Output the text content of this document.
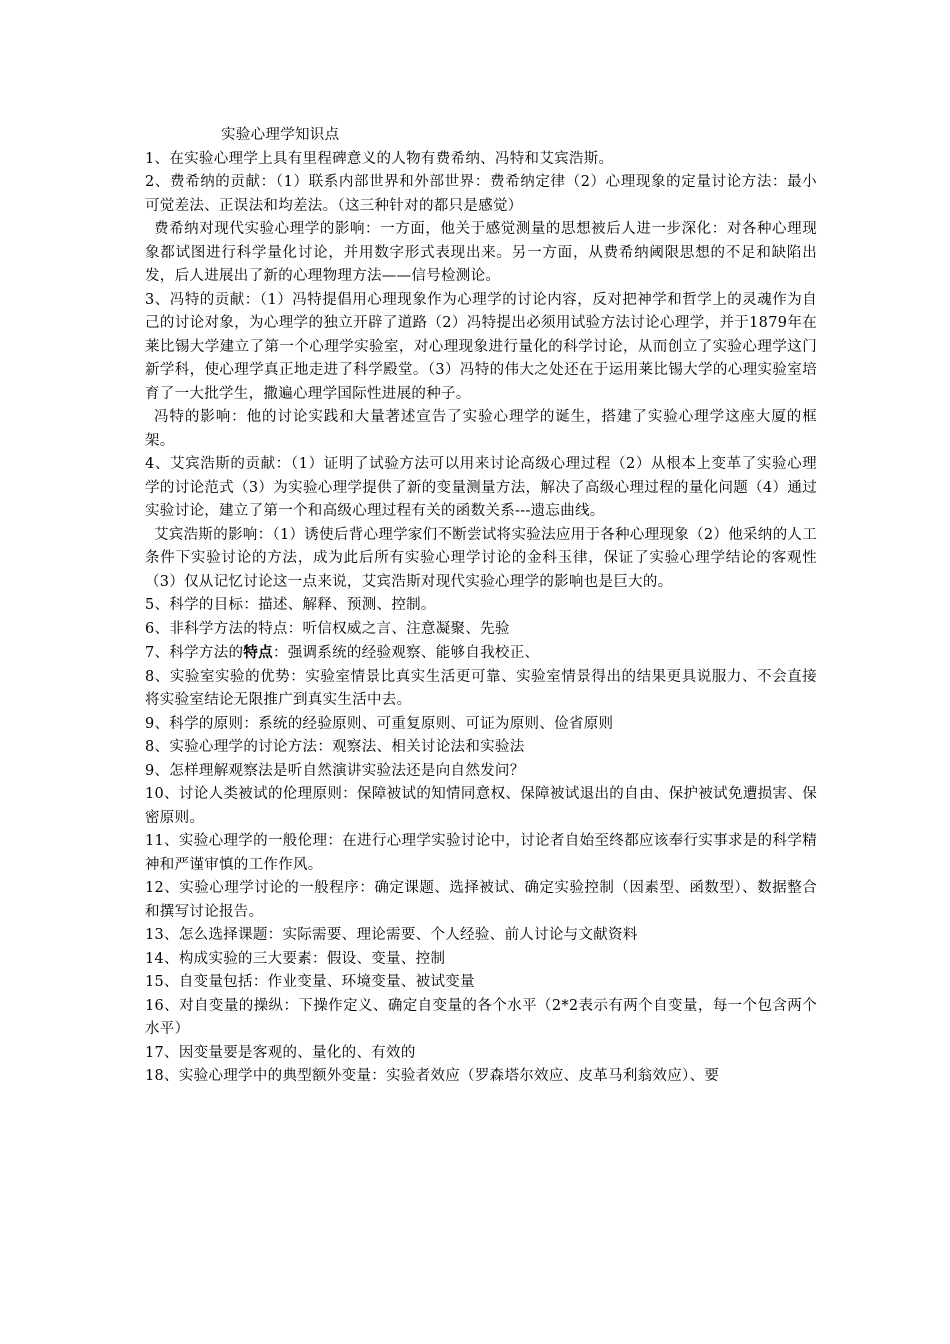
实验心理学知识点

1、在实验心理学上具有里程碑意义的人物有费希纳、冯特和艾宾浩斯。

2、费希纳的贡献：（1）联系内部世界和外部世界：费希纳定律（2）心理现象的定量讨论方法：最小可觉差法、正误法和均差法。（这三种针对的都只是感觉）

费希纳对现代实验心理学的影响：一方面，他关于感觉测量的思想被后人进一步深化：对各种心理现象都试图进行科学量化讨论，并用数字形式表现出来。另一方面，从费希纳阈限思想的不足和缺陷出发，后人进展出了新的心理物理方法——信号检测论。

3、冯特的贡献：（1）冯特提倡用心理现象作为心理学的讨论内容，反对把神学和哲学上的灵魂作为自己的讨论对象，为心理学的独立开辟了道路（2）冯特提出必须用试验方法讨论心理学，并于1879年在莱比锡大学建立了第一个心理学实验室，对心理现象进行量化的科学讨论，从而创立了实验心理学这门新学科，使心理学真正地走进了科学殿堂。（3）冯特的伟大之处还在于运用莱比锡大学的心理实验室培育了一大批学生，撒遍心理学国际性进展的种子。

冯特的影响：他的讨论实践和大量著述宣告了实验心理学的诞生，搭建了实验心理学这座大厦的框架。

4、艾宾浩斯的贡献：（1）证明了试验方法可以用来讨论高级心理过程（2）从根本上变革了实验心理学的讨论范式（3）为实验心理学提供了新的变量测量方法，解决了高级心理过程的量化问题（4）通过实验讨论，建立了第一个和高级心理过程有关的函数关系---遗忘曲线。

艾宾浩斯的影响：（1）诱使后背心理学家们不断尝试将实验法应用于各种心理现象（2）他采纳的人工条件下实验讨论的方法，成为此后所有实验心理学讨论的金科玉律，保证了实验心理学结论的客观性（3）仅从记忆讨论这一点来说，艾宾浩斯对现代实验心理学的影响也是巨大的。

5、科学的目标：描述、解释、预测、控制。

6、非科学方法的特点：听信权威之言、注意凝聚、先验

7、科学方法的特点：强调系统的经验观察、能够自我校正、

8、实验室实验的优势：实验室情景比真实生活更可靠、实验室情景得出的结果更具说服力、不会直接将实验室结论无限推广到真实生活中去。

9、科学的原则：系统的经验原则、可重复原则、可证为原则、俭省原则

8、实验心理学的讨论方法：观察法、相关讨论法和实验法

9、怎样理解观察法是听自然演讲实验法还是向自然发问？

10、讨论人类被试的伦理原则：保障被试的知情同意权、保障被试退出的自由、保护被试免遭损害、保密原则。

11、实验心理学的一般伦理：在进行心理学实验讨论中，讨论者自始至终都应该奉行实事求是的科学精神和严谨审慎的工作作风。

12、实验心理学讨论的一般程序：确定课题、选择被试、确定实验控制（因素型、函数型）、数据整合和撰写讨论报告。

13、怎么选择课题：实际需要、理论需要、个人经验、前人讨论与文献资料

14、构成实验的三大要素：假设、变量、控制

15、自变量包括：作业变量、环境变量、被试变量

16、对自变量的操纵：下操作定义、确定自变量的各个水平（2*2表示有两个自变量，每一个包含两个水平）

17、因变量要是客观的、量化的、有效的

18、实验心理学中的典型额外变量：实验者效应（罗森塔尔效应、皮革马利翁效应）、要
